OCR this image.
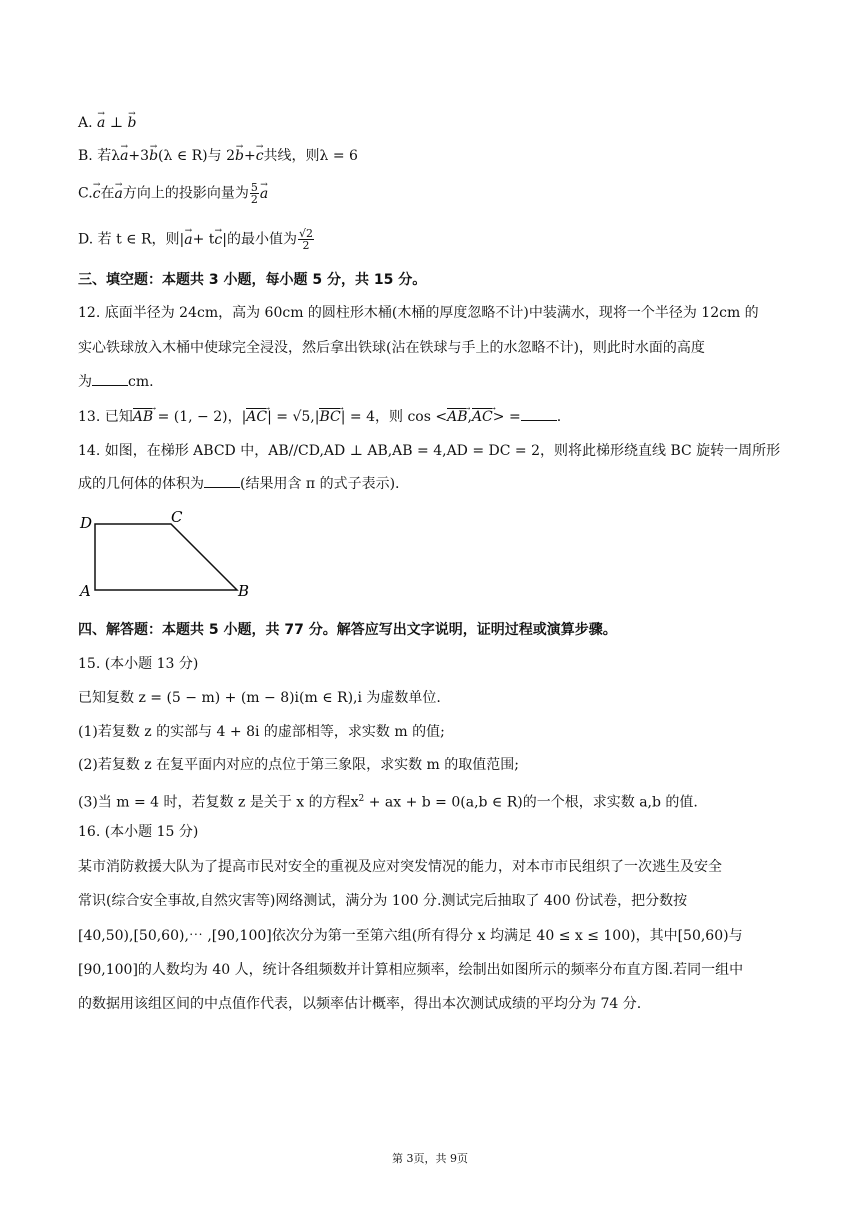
A. → a ⊥ → b
B. 若λ→ a+3→ b(λ ∈ R)与 2→ b+→ c共线，则λ = 6
C.→ c在→ a方向上的投影向量为 $\frac{5}{2}$
→ a
D. 若 t ∈ R，则|→ a+ t→ c|的最小值为 $\frac{√2}{2}$
三、填空题：本题共 3 小题，每小题 5 分，共 15 分。
12. 底面半径为 24cm，高为 60cm 的圆柱形木桶(木桶的厚度忽略不计)中装满水，现将一个半径为 12cm 的
实心铁球放入木桶中使球完全浸没，然后拿出铁球(沾在铁球与手上的水忽略不计)，则此时水面的高度
为	cm.
13. 已知AB → = (1, − 2)，|AC →| = √5,|BC →| = 4，则 cos <AB →,AC →> =	.
14. 如图，在梯形 ABCD 中，AB//CD,AD ⊥ AB,AB = 4,AD = DC = 2，则将此梯形绕直线 BC 旋转一周所形
成的几何体的体积为	(结果用含 π 的式子表示).
D	C
A	B
四、解答题：本题共 5 小题，共 77 分。解答应写出文字说明，证明过程或演算步骤。
15. (本小题 13 分)
已知复数 z = (5 − m) + (m − 8)i(m ∈ R),i 为虚数单位.
(1)若复数 z 的实部与 4 + 8i 的虚部相等，求实数 m 的值;
(2)若复数 z 在复平面内对应的点位于第三象限，求实数 m 的取值范围;
(3)当 m = 4 时，若复数 z 是关于 x 的方程$x^2$ + ax + b = 0(a,b ∈ R)的一个根，求实数 a,b 的值.
16. (本小题 15 分)
某市消防救援大队为了提高市民对安全的重视及应对突发情况的能力，对本市市民组织了一次逃生及安全
常识(综合安全事故,自然灾害等)网络测试，满分为 100 分.测试完后抽取了 400 份试卷，把分数按
[40,50),[50,60),⋯ ,[90,100]依次分为第一至第六组(所有得分 x 均满足 40 ≤ x ≤ 100)，其中[50,60)与
[90,100]的人数均为 40 人，统计各组频数并计算相应频率，绘制出如图所示的频率分布直方图.若同一组中
的数据用该组区间的中点值作代表，以频率估计概率，得出本次测试成绩的平均分为 74 分.
第 3页，共 9页
